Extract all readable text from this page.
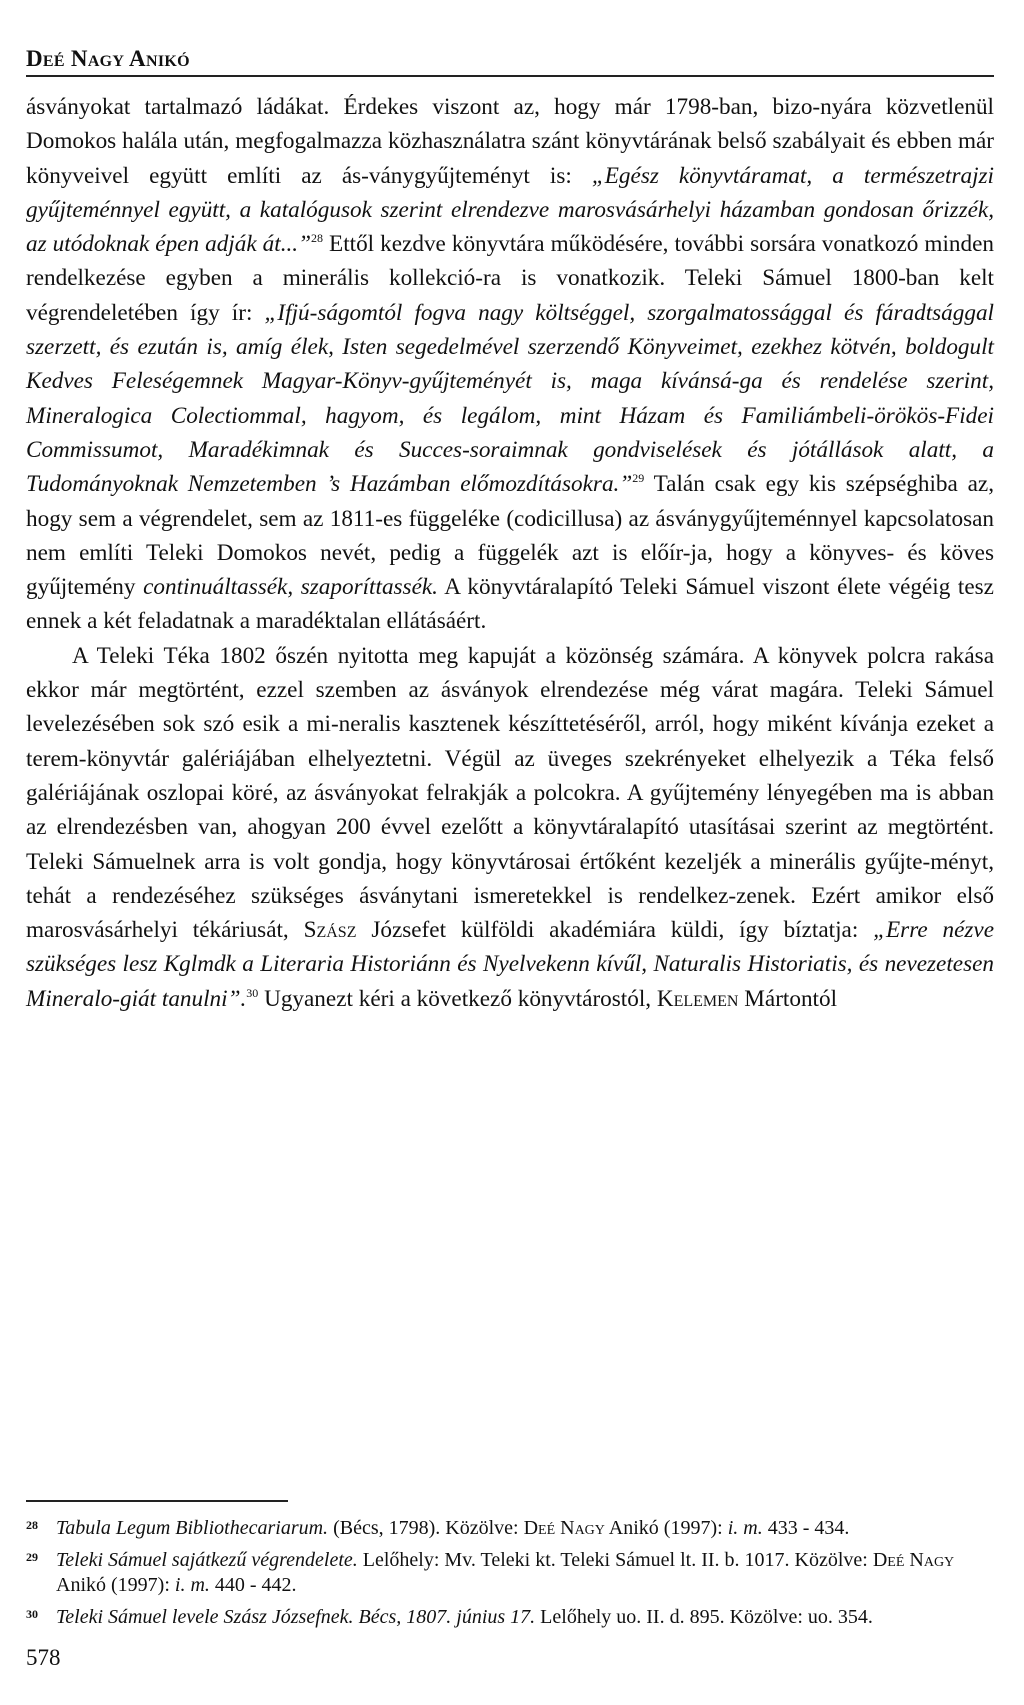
Deé Nagy Anikó

ásványokat tartalmazó ládákat. Érdekes viszont az, hogy már 1798-ban, bizo-nyára közvetlenül Domokos halála után, megfogalmazza közhasználatra szánt könyvtárának belső szabályait és ebben már könyveivel együtt említi az ás-ványgyűjteményt is: „Egész könyvtáramat, a természetrajzi gyűjteménnyel együtt, a katalógusok szerint elrendezve marosvásárhelyi házamban gondosan őrizzék, az utódoknak épen adják át...”$^{28}$ Ettől kezdve könyvtára működésére, további sorsára vonatkozó minden rendelkezése egyben a minerális kollekció-ra is vonatkozik. Teleki Sámuel 1800-ban kelt végrendeletében így ír: „Ifjú-ságomtól fogva nagy költséggel, szorgalmatossággal és fáradtsággal szerzett, és ezután is, amíg élek, Isten segedelmével szerzendő Könyveimet, ezekhez kötvén, boldogult Kedves Feleségemnek Magyar-Könyv-gyűjteményét is, maga kívánsá-ga és rendelése szerint, Mineralogica Colectiommal, hagyom, és legálom, mint Házam és Familiámbeli-örökös-Fidei Commissumot, Maradékimnak és Succes-soraimnak gondviselések és jótállások alatt, a Tudományoknak Nemzetemben ’s Hazámban előmozdításokra.”$^{29}$ Talán csak egy kis szépséghiba az, hogy sem a végrendelet, sem az 1811-es függeléke (codicillusa) az ásványgyűjteménnyel kapcsolatosan nem említi Teleki Domokos nevét, pedig a függelék azt is előír-ja, hogy a könyves- és köves gyűjtemény continuáltassék, szaporíttassék. A könyvtáralapító Teleki Sámuel viszont élete végéig tesz ennek a két feladatnak a maradéktalan ellátásáért.

A Teleki Téka 1802 őszén nyitotta meg kapuját a közönség számára. A könyvek polcra rakása ekkor már megtörtént, ezzel szemben az ásványok elrendezése még várat magára. Teleki Sámuel levelezésében sok szó esik a mi-neralis kasztenek készíttetéséről, arról, hogy miként kívánja ezeket a terem-könyvtár galériájában elhelyeztetni. Végül az üveges szekrényeket elhelyezik a Téka felső galériájának oszlopai köré, az ásványokat felrakják a polcokra. A gyűjtemény lényegében ma is abban az elrendezésben van, ahogyan 200 évvel ezelőtt a könyvtáralapító utasításai szerint az megtörtént. Teleki Sámuelnek arra is volt gondja, hogy könyvtárosai értőként kezeljék a minerális gyűjte-ményt, tehát a rendezéséhez szükséges ásványtani ismeretekkel is rendelkez-zenek. Ezért amikor első marosvásárhelyi tékáriusát, Szász Józsefet külföldi akadémiára küldi, így bíztatja: „Erre nézve szükséges lesz Kglmdk a Literaria Historiánn és Nyelvekenn kívűl, Naturalis Historiatis, és nevezetesen Mineralo-giát tanulni”.$^{30}$ Ugyanezt kéri a következő könyvtárostól, Kelemen Mártontól

28 Tabula Legum Bibliothecariarum. (Bécs, 1798). Közölve: Deé Nagy Anikó (1997): i. m. 433 - 434.
29 Teleki Sámuel sajátkezű végrendelete. Lelőhely: Mv. Teleki kt. Teleki Sámuel lt. II. b. 1017. Közölve: Deé Nagy Anikó (1997): i. m. 440 - 442.
30 Teleki Sámuel levele Szász Józsefnek. Bécs, 1807. június 17. Lelőhely uo. II. d. 895. Közölve: uo. 354.
578
